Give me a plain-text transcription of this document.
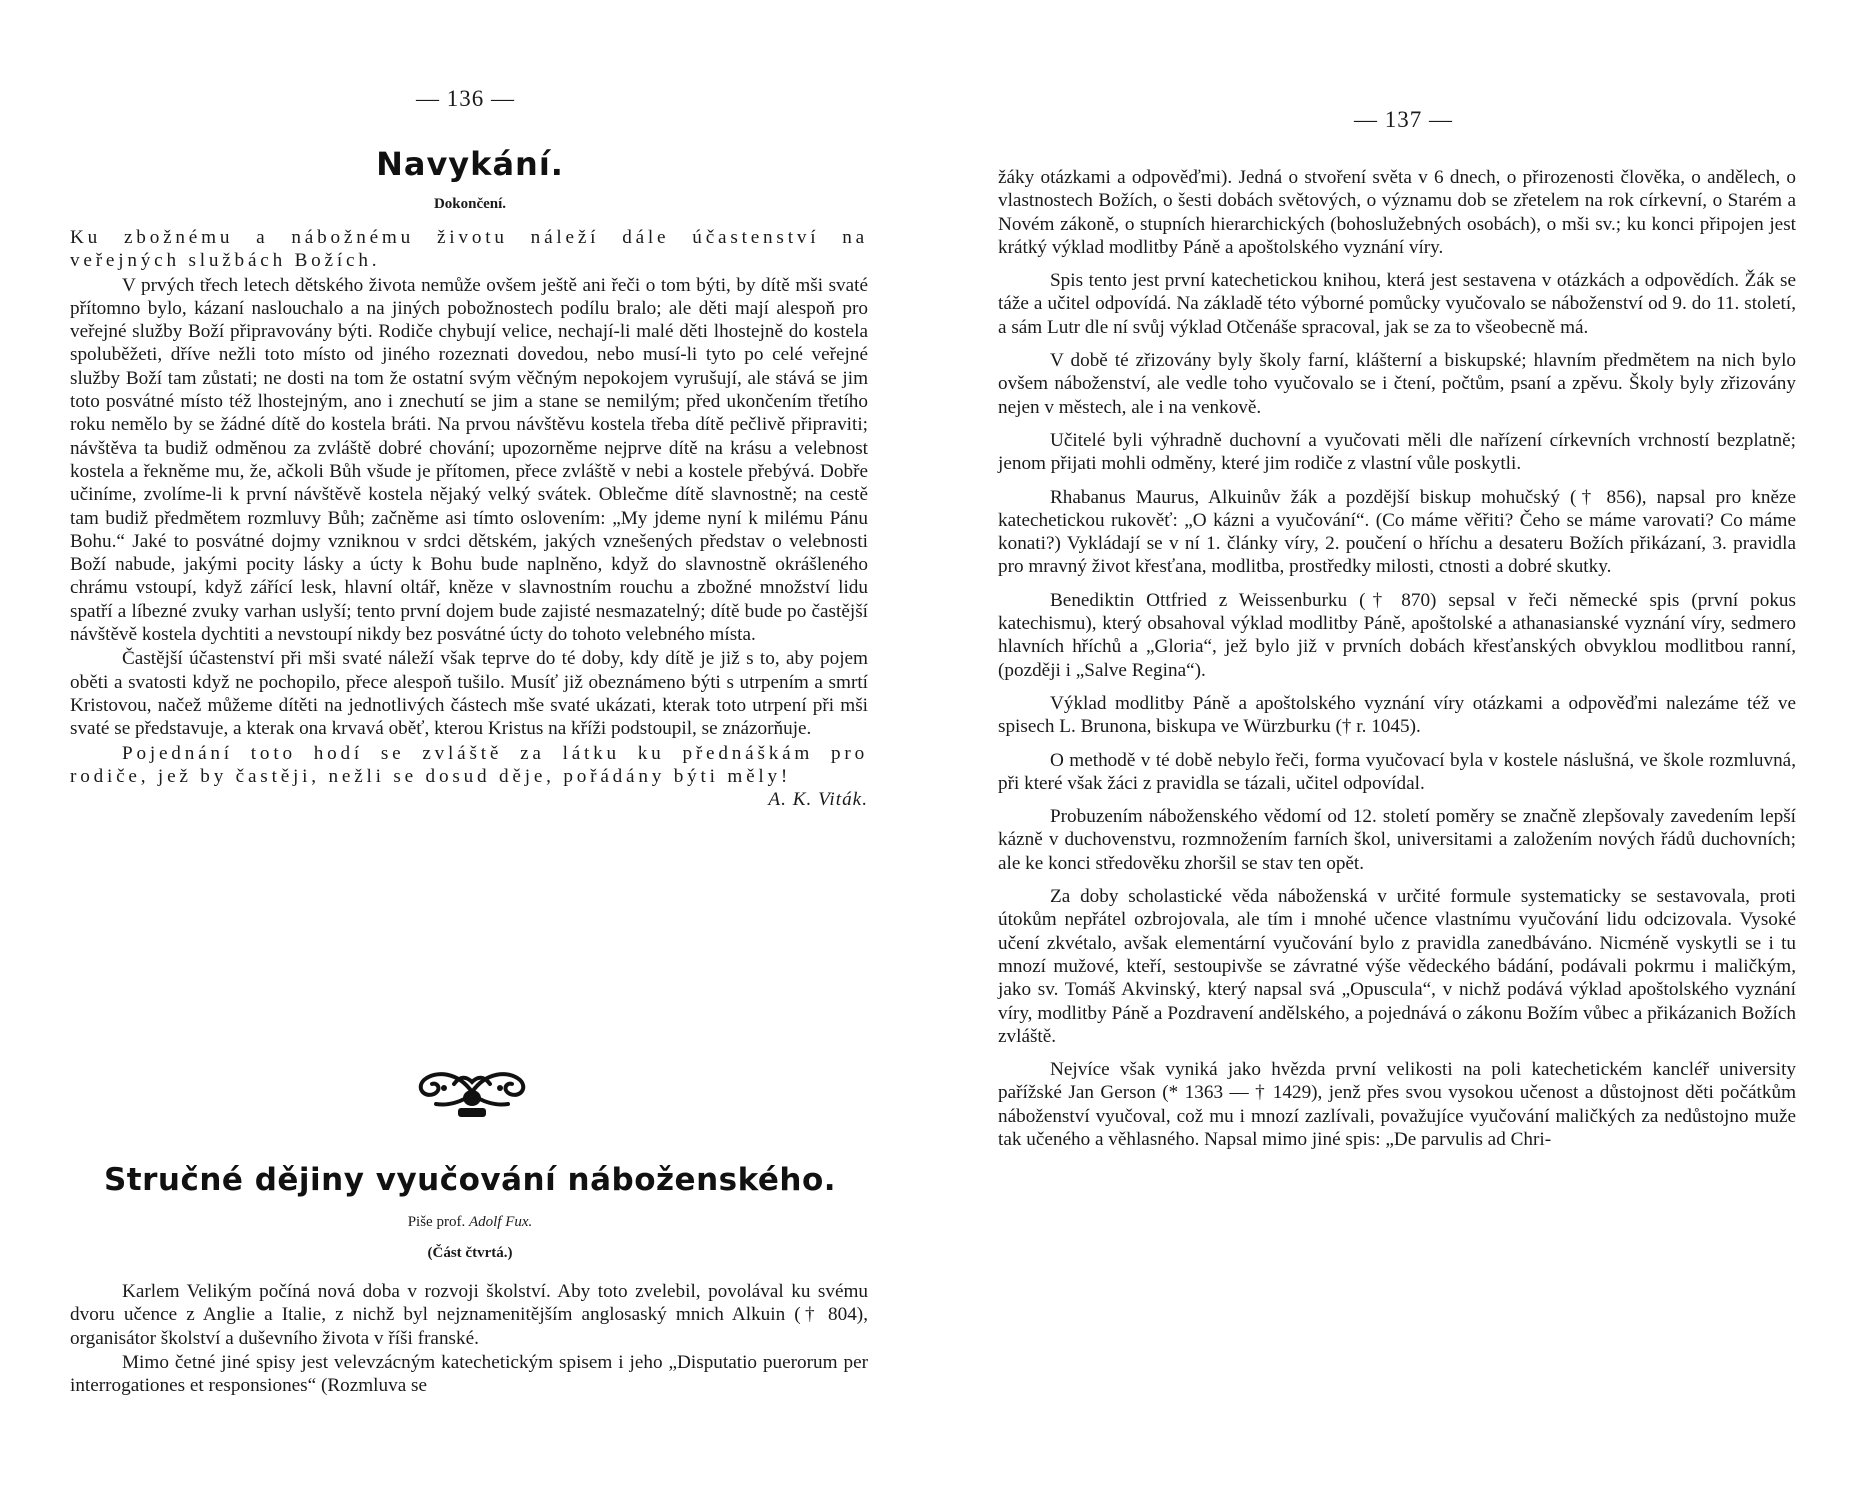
— 136 —
Navykání.
Dokončení.

Ku zbožnému a nábožnému životu náleží dále účastenství na veřejných službách Božích.

V prvých třech letech dětského života nemůže ovšem ještě ani řeči o tom býti, by dítě mši svaté přítomno bylo, kázaní naslouchalo a na jiných pobožnostech podílu bralo; ale děti mají alespoň pro veřejné služby Boží připravovány býti. Rodiče chybují velice, nechají-li malé děti lhostejně do kostela spoluběžeti, dříve nežli toto místo od jiného rozeznati dovedou, nebo musí-li tyto po celé veřejné služby Boží tam zůstati; ne dosti na tom že ostatní svým věčným nepokojem vyrušují, ale stává se jim toto posvátné místo též lhostejným, ano i znechutí se jim a stane se nemilým; před ukončením třetího roku nemělo by se žádné dítě do kostela bráti. Na prvou návštěvu kostela třeba dítě pečlivě připraviti; návštěva ta budiž odměnou za zvláště dobré chování; upozorněme nejprve dítě na krásu a velebnost kostela a řekněme mu, že, ačkoli Bůh všude je přítomen, přece zvláště v nebi a kostele přebývá. Dobře učiníme, zvolíme-li k první návštěvě kostela nějaký velký svátek. Oblečme dítě slavnostně; na cestě tam budiž předmětem rozmluvy Bůh; začněme asi tímto oslovením: „My jdeme nyní k milému Pánu Bohu.“ Jaké to posvátné dojmy vzniknou v srdci dětském, jakých vznešených představ o velebnosti Boží nabude, jakými pocity lásky a úcty k Bohu bude naplněno, když do slavnostně okrášleného chrámu vstoupí, když zářící lesk, hlavní oltář, kněze v slavnostním rouchu a zbožné množství lidu spatří a líbezné zvuky varhan uslyší; tento první dojem bude zajisté nesmazatelný; dítě bude po častější návštěvě kostela dychtiti a nevstoupí nikdy bez posvátné úcty do tohoto velebného místa.

Častější účastenství při mši svaté náleží však teprve do té doby, kdy dítě je již s to, aby pojem oběti a svatosti když ne pochopilo, přece alespoň tušilo. Musíť již obeznámeno býti s utrpením a smrtí Kristovou, načež můžeme dítěti na jednotlivých částech mše svaté ukázati, kterak toto utrpení při mši svaté se představuje, a kterak ona krvavá oběť, kterou Kristus na kříži podstoupil, se znázorňuje.

Pojednání toto hodí se zvláště za látku ku přednáškám pro rodiče, jež by častěji, nežli se dosud děje, pořádány býti měly!
A. K. Viták.

Stručné dějiny vyučování náboženského.
Piše prof. Adolf Fux.
(Část čtvrtá.)

Karlem Velikým počíná nová doba v rozvoji školství. Aby toto zvelebil, povolával ku svému dvoru učence z Anglie a Italie, z nichž byl nejznamenitějším anglosaský mnich Alkuin († 804), organisátor školství a duševního života v říši franské.

Mimo četné jiné spisy jest velevzácným katechetickým spisem i jeho „Disputatio puerorum per interrogationes et responsiones“ (Rozmluva se

— 137 —

žáky otázkami a odpověďmi). Jedná o stvoření světa v 6 dnech, o přirozenosti člověka, o andělech, o vlastnostech Božích, o šesti dobách světových, o významu dob se zřetelem na rok církevní, o Starém a Novém zákoně, o stupních hierarchických (bohoslužebných osobách), o mši sv.; ku konci připojen jest krátký výklad modlitby Páně a apoštolského vyznání víry.

Spis tento jest první katechetickou knihou, která jest sestavena v otázkách a odpovědích. Žák se táže a učitel odpovídá. Na základě této výborné pomůcky vyučovalo se náboženství od 9. do 11. století, a sám Lutr dle ní svůj výklad Otčenáše spracoval, jak se za to všeobecně má.

V době té zřizovány byly školy farní, klášterní a biskupské; hlavním předmětem na nich bylo ovšem náboženství, ale vedle toho vyučovalo se i čtení, počtům, psaní a zpěvu. Školy byly zřizovány nejen v městech, ale i na venkově.

Učitelé byli výhradně duchovní a vyučovati měli dle nařízení církevních vrchností bezplatně; jenom přijati mohli odměny, které jim rodiče z vlastní vůle poskytli.

Rhabanus Maurus, Alkuinův žák a pozdější biskup mohučský († 856), napsal pro kněze katechetickou rukověť: „O kázni a vyučování“. (Co máme věřiti? Čeho se máme varovati? Co máme konati?) Vykládají se v ní 1. články víry, 2. poučení o hříchu a desateru Božích přikázaní, 3. pravidla pro mravný život křesťana, modlitba, prostředky milosti, ctnosti a dobré skutky.

Benediktin Ottfried z Weissenburku († 870) sepsal v řeči německé spis (první pokus katechismu), který obsahoval výklad modlitby Páně, apoštolské a athanasianské vyznání víry, sedmero hlavních hříchů a „Gloria“, jež bylo již v prvních dobách křesťanských obvyklou modlitbou ranní, (později i „Salve Regina“).

Výklad modlitby Páně a apoštolského vyznání víry otázkami a odpověďmi nalezáme též ve spisech L. Brunona, biskupa ve Würzburku († r. 1045).

O methodě v té době nebylo řeči, forma vyučovací byla v kostele náslušná, ve škole rozmluvná, při které však žáci z pravidla se tázali, učitel odpovídal.

Probuzením náboženského vědomí od 12. století poměry se značně zlepšovaly zavedením lepší kázně v duchovenstvu, rozmnožením farních škol, universitami a založením nových řádů duchovních; ale ke konci středověku zhoršil se stav ten opět.

Za doby scholastické věda náboženská v určité formule systematicky se sestavovala, proti útokům nepřátel ozbrojovala, ale tím i mnohé učence vlastnímu vyučování lidu odcizovala. Vysoké učení zkvétalo, avšak elementární vyučování bylo z pravidla zanedbáváno. Nicméně vyskytli se i tu mnozí mužové, kteří, sestoupivše se závratné výše vědeckého bádání, podávali pokrmu i maličkým, jako sv. Tomáš Akvinský, který napsal svá „Opuscula“, v nichž podává výklad apoštolského vyznání víry, modlitby Páně a Pozdravení andělského, a pojednává o zákonu Božím vůbec a přikázanich Božích zvláště.

Nejvíce však vyniká jako hvězda první velikosti na poli katechetickém kancléř university pařížské Jan Gerson (* 1363 — † 1429), jenž přes svou vysokou učenost a důstojnost děti počátkům náboženství vyučoval, což mu i mnozí zazlívali, považujíce vyučování maličkých za nedůstojno muže tak učeného a věhlasného. Napsal mimo jiné spis: „De parvulis ad Chri-
